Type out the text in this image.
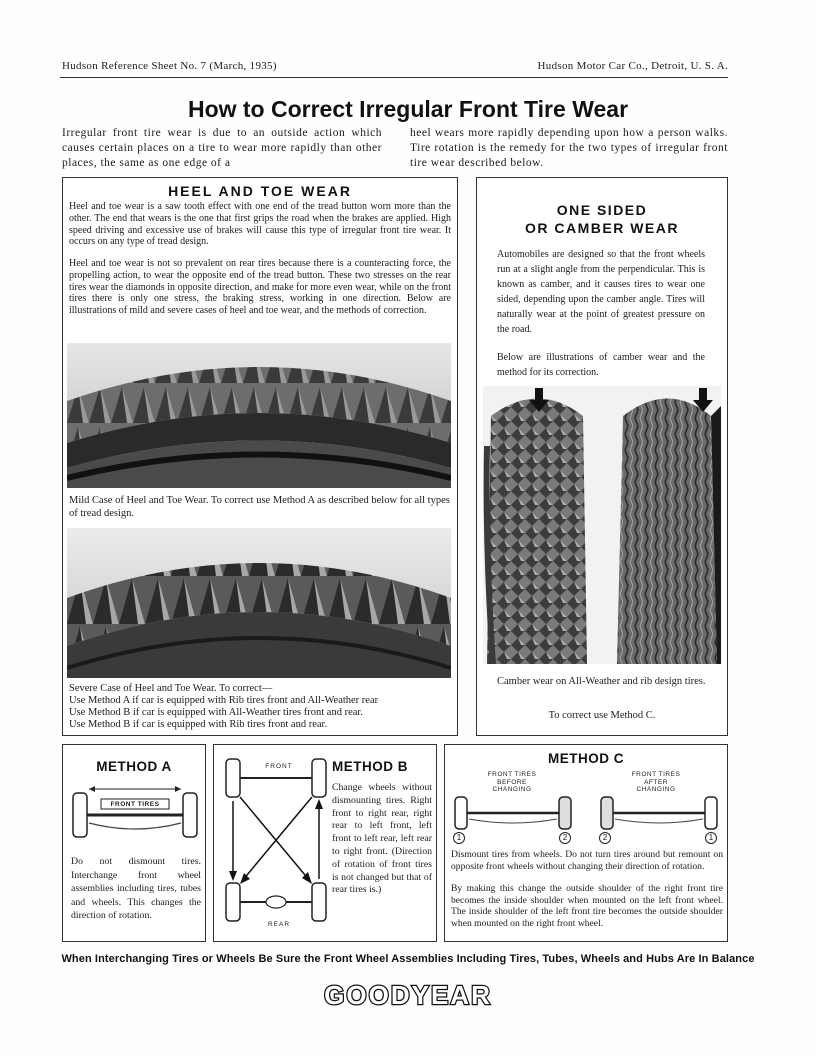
Hudson Reference Sheet No. 7 (March, 1935)	Hudson Motor Car Co., Detroit, U. S. A.
How to Correct Irregular Front Tire Wear
Irregular front tire wear is due to an outside action which causes certain places on a tire to wear more rapidly than other places, the same as one edge of a
heel wears more rapidly depending upon how a person walks. Tire rotation is the remedy for the two types of irregular front tire wear described below.
HEEL AND TOE WEAR
Heel and toe wear is a saw tooth effect with one end of the tread button worn more than the other. The end that wears is the one that first grips the road when the brakes are applied. High speed driving and excessive use of brakes will cause this type of irregular front tire wear. It occurs on any type of tread design.
Heel and toe wear is not so prevalent on rear tires because there is a counteracting force, the propelling action, to wear the opposite end of the tread button. These two stresses on the rear tires wear the diamonds in opposite direction, and make for more even wear, while on the front tires there is only one stress, the braking stress, working in one direction. Below are illustrations of mild and severe cases of heel and toe wear, and the methods of correction.
Mild Case of Heel and Toe Wear. To correct use Method A as described below for all types of tread design.
Severe Case of Heel and Toe Wear. To correct—
Use Method A if car is equipped with Rib tires front and All-Weather rear
Use Method B if car is equipped with All-Weather tires front and rear.
Use Method B if car is equipped with Rib tires front and rear.
ONE SIDED
OR CAMBER WEAR
Automobiles are designed so that the front wheels run at a slight angle from the perpendicular. This is known as camber, and it causes tires to wear one sided, depending upon the camber angle. Tires will naturally wear at the point of greatest pressure on the road.
Below are illustrations of camber wear and the method for its correction.
Camber wear on All-Weather and rib design tires.
To correct use Method C.
METHOD A
FRONT TIRES
Do not dismount tires. Interchange front wheel assemblies including tires, tubes and wheels. This changes the direction of rotation.
FRONT
REAR
METHOD B
Change wheels without dismounting tires. Right front to right rear, right rear to left front, left front to left rear, left rear to right front. (Direction of rotation of front tires is not changed but that of rear tires is.)
METHOD C
FRONT TIRES BEFORE CHANGING
FRONT TIRES AFTER CHANGING
1	2	2	1
Dismount tires from wheels. Do not turn tires around but remount on opposite front wheels without changing their direction of rotation.
By making this change the outside shoulder of the right front tire becomes the inside shoulder when mounted on the left front wheel. The inside shoulder of the left front tire becomes the outside shoulder when mounted on the right front wheel.
When Interchanging Tires or Wheels Be Sure the Front Wheel Assemblies Including Tires, Tubes, Wheels and Hubs Are In Balance
GOODYEAR
